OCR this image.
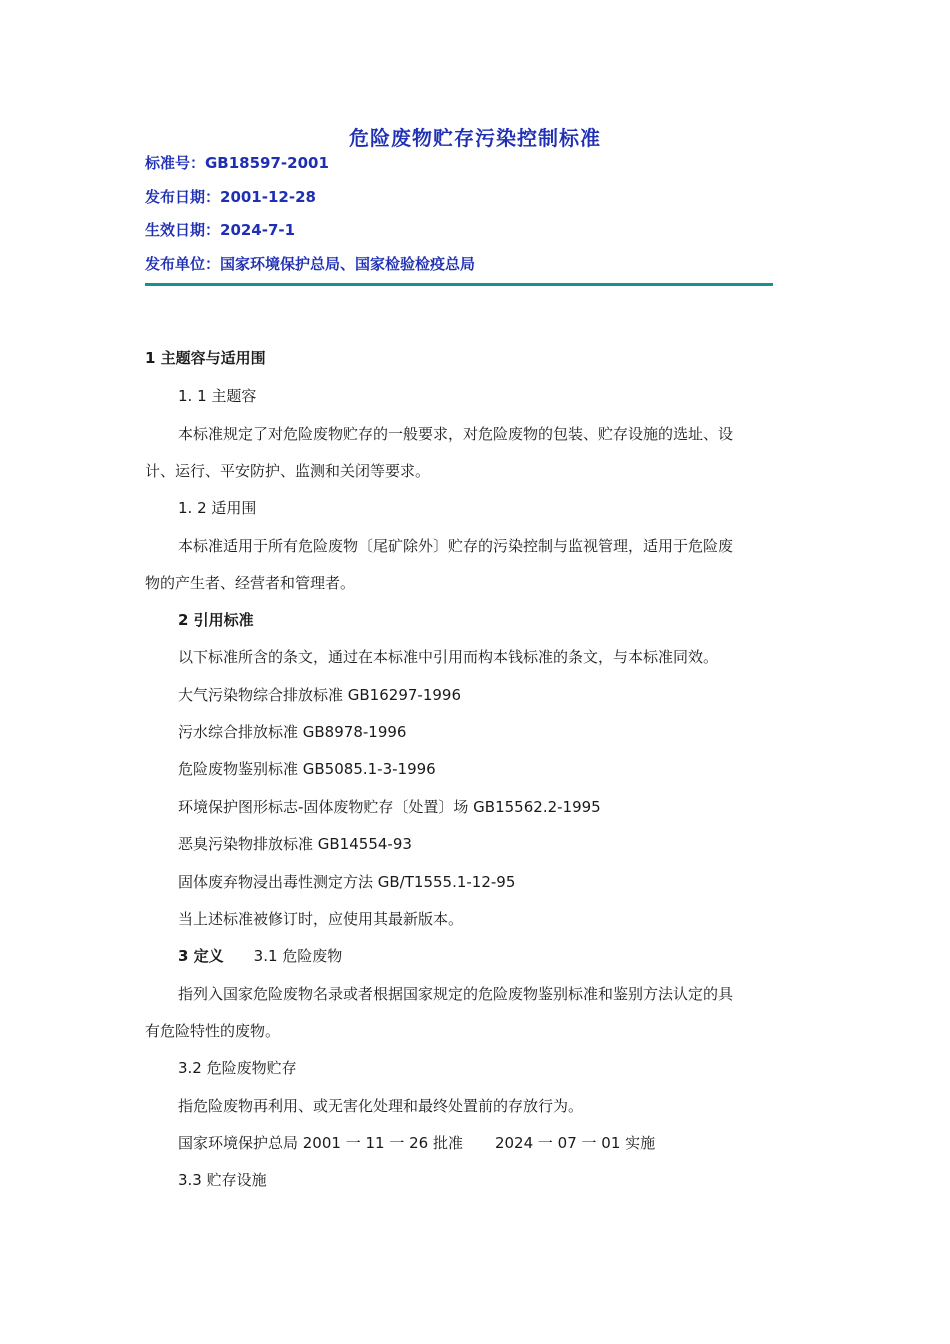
危险废物贮存污染控制标准
标准号：GB18597-2001
发布日期：2001-12-28
生效日期：2024-7-1
发布单位：国家环境保护总局、国家检验检疫总局
1 主题容与适用围
1. 1 主题容
本标准规定了对危险废物贮存的一般要求，对危险废物的包装、贮存设施的选址、设
计、运行、平安防护、监测和关闭等要求。
1. 2 适用围
本标准适用于所有危险废物〔尾矿除外〕贮存的污染控制与监视管理，适用于危险废
物的产生者、经营者和管理者。
2 引用标准
以下标准所含的条文，通过在本标准中引用而构本钱标准的条文，与本标准同效。
大气污染物综合排放标准 GB16297-1996
污水综合排放标准 GB8978-1996
危险废物鉴别标准 GB5085.1-3-1996
环境保护图形标志-固体废物贮存〔处置〕场 GB15562.2-1995
恶臭污染物排放标准 GB14554-93
固体废弃物浸出毒性测定方法 GB/T1555.1-12-95
当上述标准被修订时，应使用其最新版本。
3 定义 3.1 危险废物
指列入国家危险废物名录或者根据国家规定的危险废物鉴别标准和鉴别方法认定的具
有危险特性的废物。
3.2 危险废物贮存
指危险废物再利用、或无害化处理和最终处置前的存放行为。
国家环境保护总局 2001 一 11 一 26 批准 2024 一 07 一 01 实施
3.3 贮存设施
